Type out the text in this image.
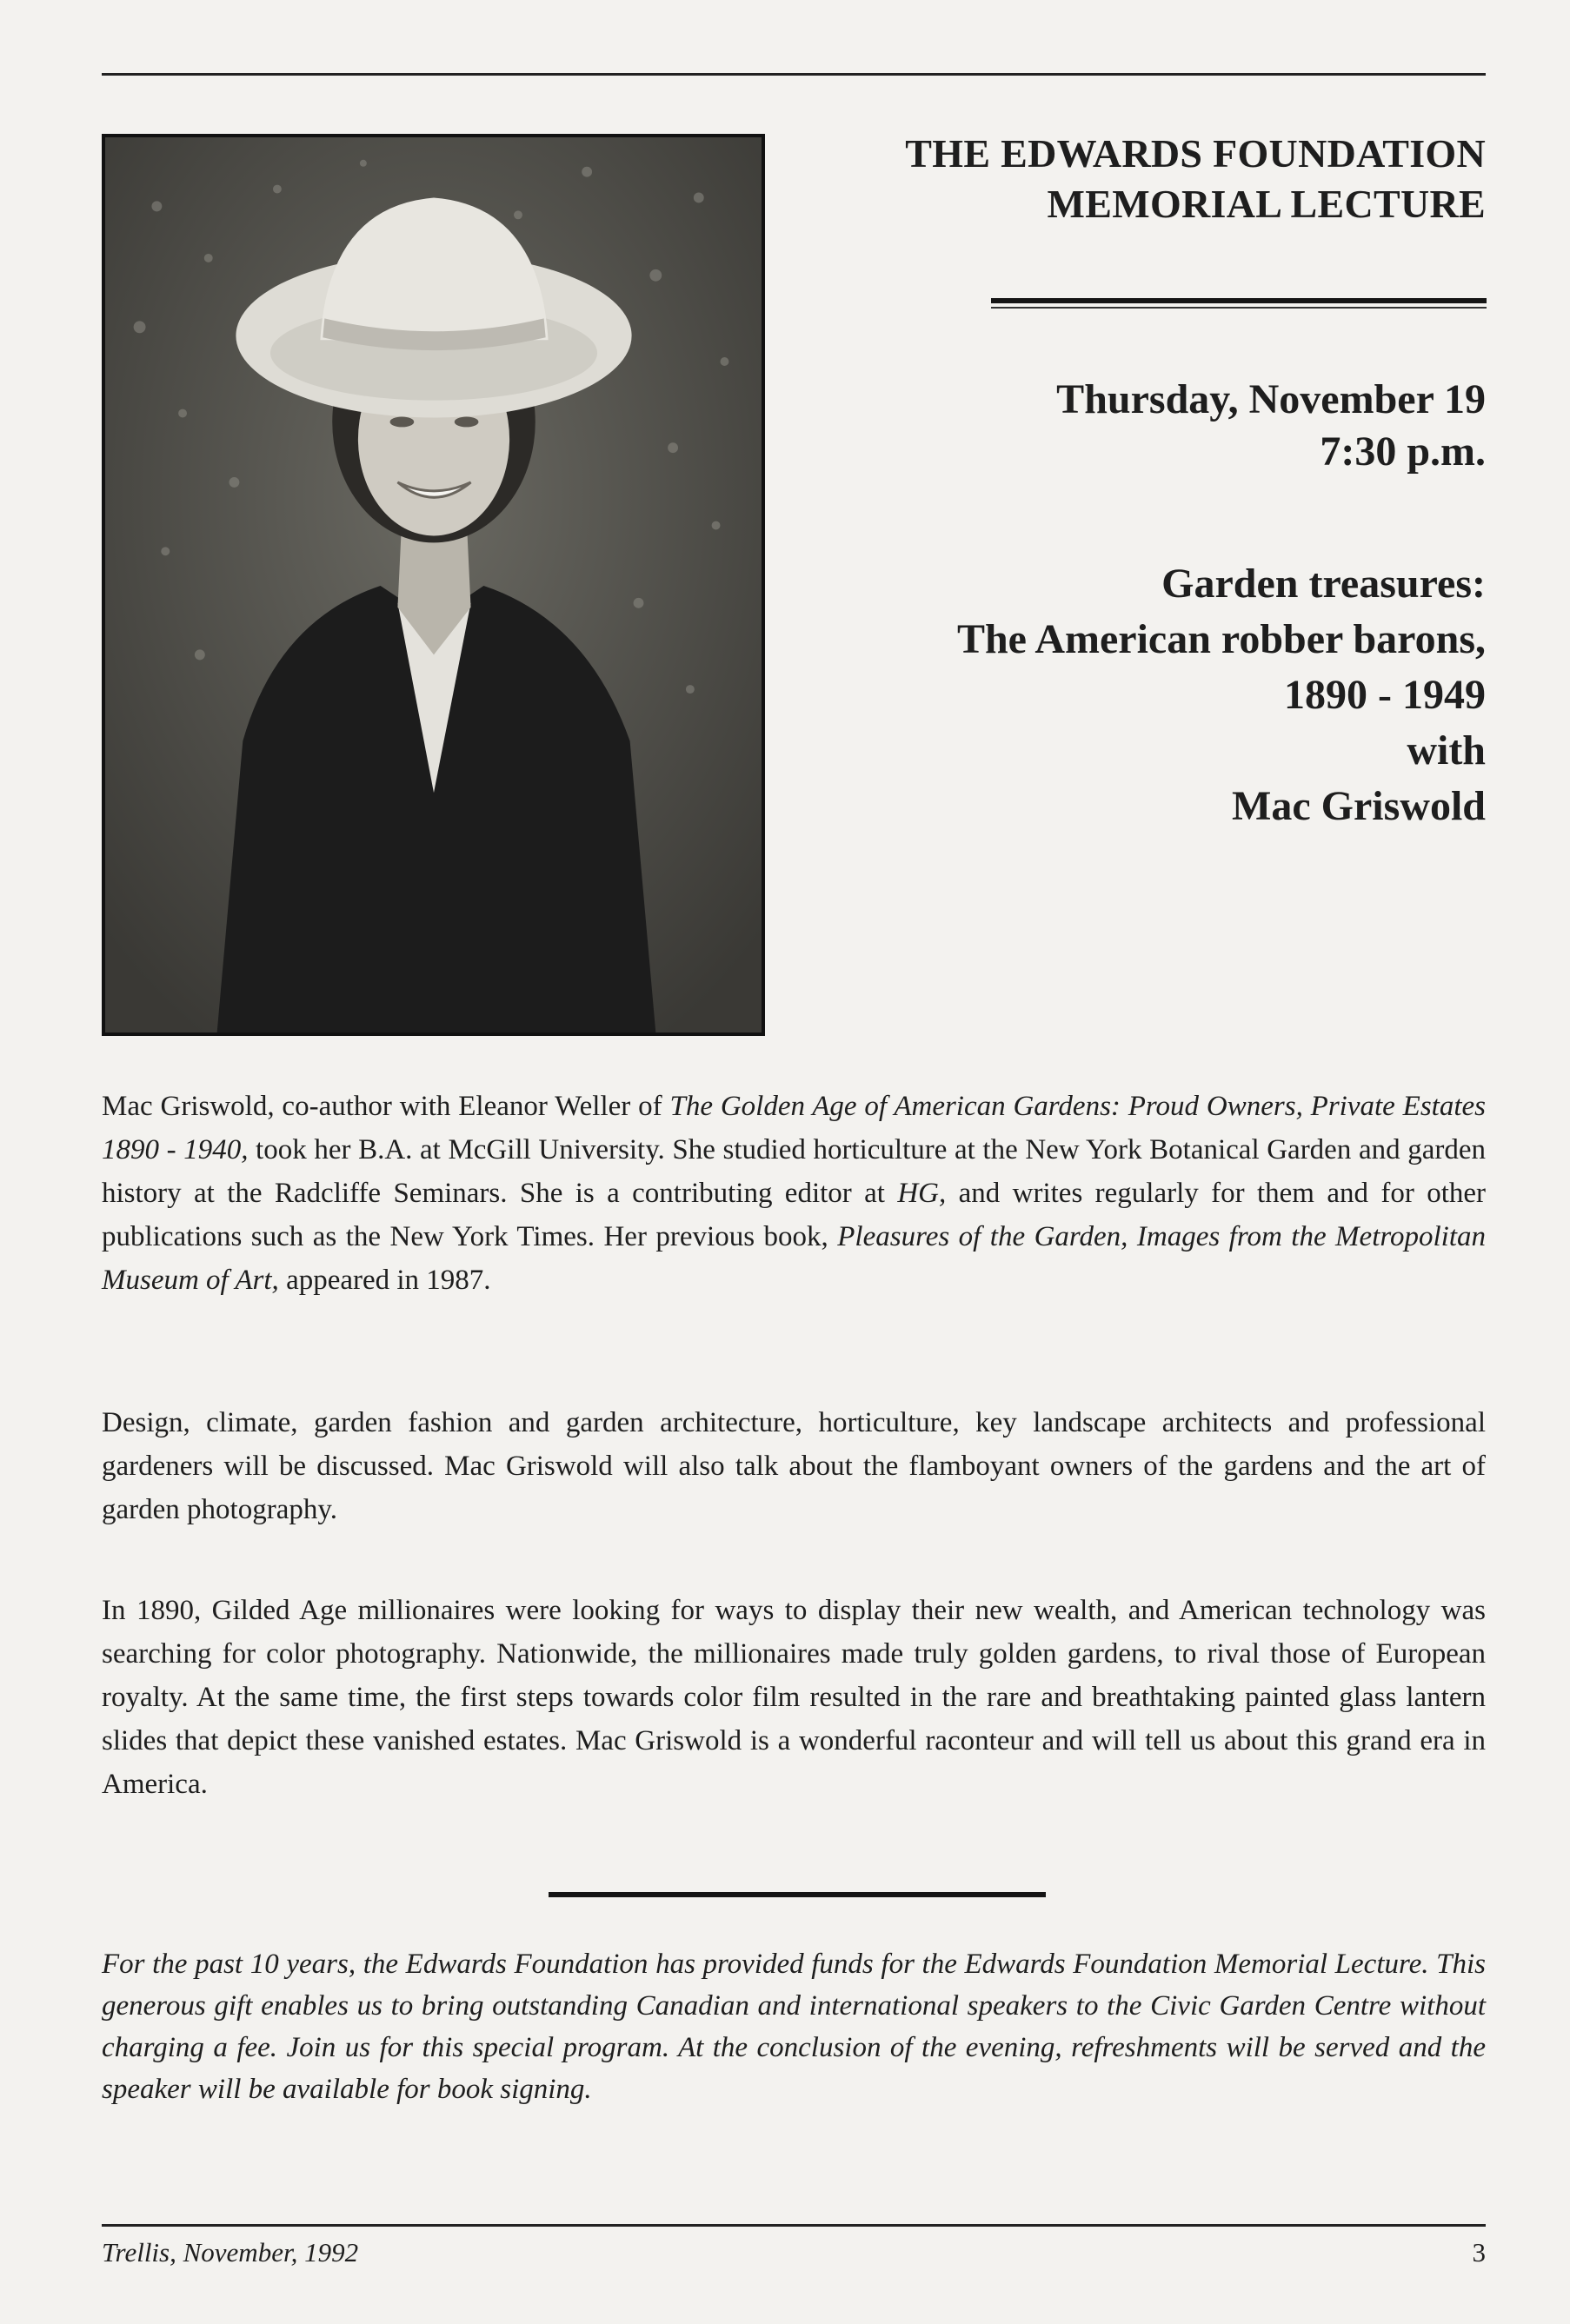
THE EDWARDS FOUNDATION
MEMORIAL LECTURE
Thursday, November 19
7:30 p.m.
Garden treasures:
The American robber barons,
1890 - 1949
with
Mac Griswold
Mac Griswold, co-author with Eleanor Weller of The Golden Age of American Gardens: Proud Owners, Private Estates 1890 - 1940, took her B.A. at McGill University. She studied horticulture at the New York Botanical Garden and garden history at the Radcliffe Seminars. She is a contributing editor at HG, and writes regularly for them and for other publications such as the New York Times. Her previous book, Pleasures of the Garden, Images from the Metropolitan Museum of Art, appeared in 1987.
Design, climate, garden fashion and garden architecture, horticulture, key landscape architects and professional gardeners will be discussed. Mac Griswold will also talk about the flamboyant owners of the gardens and the art of garden photography.
In 1890, Gilded Age millionaires were looking for ways to display their new wealth, and American technology was searching for color photography. Nationwide, the millionaires made truly golden gardens, to rival those of European royalty. At the same time, the first steps towards color film resulted in the rare and breathtaking painted glass lantern slides that depict these vanished estates. Mac Griswold is a wonderful raconteur and will tell us about this grand era in America.
For the past 10 years, the Edwards Foundation has provided funds for the Edwards Foundation Memorial Lecture. This generous gift enables us to bring outstanding Canadian and international speakers to the Civic Garden Centre without charging a fee. Join us for this special program. At the conclusion of the evening, refreshments will be served and the speaker will be available for book signing.
Trellis, November, 1992	3
